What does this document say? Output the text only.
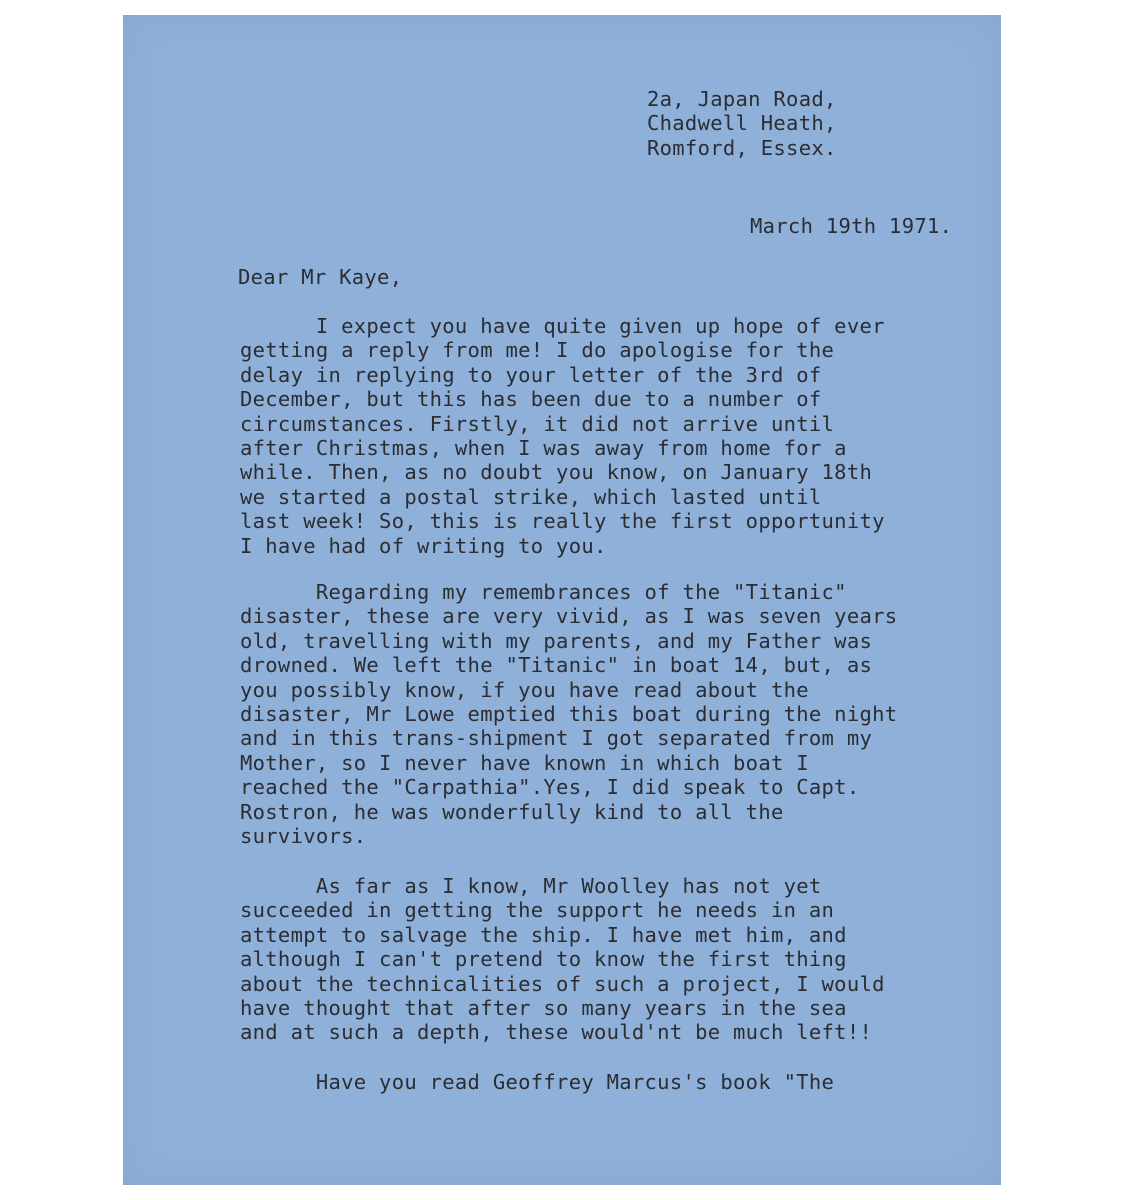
2a, Japan Road,
Chadwell Heath,
Romford, Essex.
March 19th 1971.
Dear Mr Kaye,
I expect you have quite given up hope of ever
getting a reply from me! I do apologise for the
delay in replying to your letter of the 3rd of
December, but this has been due to a number of
circumstances. Firstly, it did not arrive until
after Christmas, when I was away from home for a
while. Then, as no doubt you know, on January 18th
we started a postal strike, which lasted until
last week! So, this is really the first opportunity
I have had of writing to you.
Regarding my remembrances of the "Titanic"
disaster, these are very vivid, as I was seven years
old, travelling with my parents, and my Father was
drowned. We left the "Titanic" in boat 14, but, as
you possibly know, if you have read about the
disaster, Mr Lowe emptied this boat during the night
and in this trans-shipment I got separated from my
Mother, so I never have known in which boat I
reached the "Carpathia".Yes, I did speak to Capt.
Rostron, he was wonderfully kind to all the
survivors.
As far as I know, Mr Woolley has not yet
succeeded in getting the support he needs in an
attempt to salvage the ship. I have met him, and
although I can't pretend to know the first thing
about the technicalities of such a project, I would
have thought that after so many years in the sea
and at such a depth, these would'nt be much left!!
Have you read Geoffrey Marcus's book "The
